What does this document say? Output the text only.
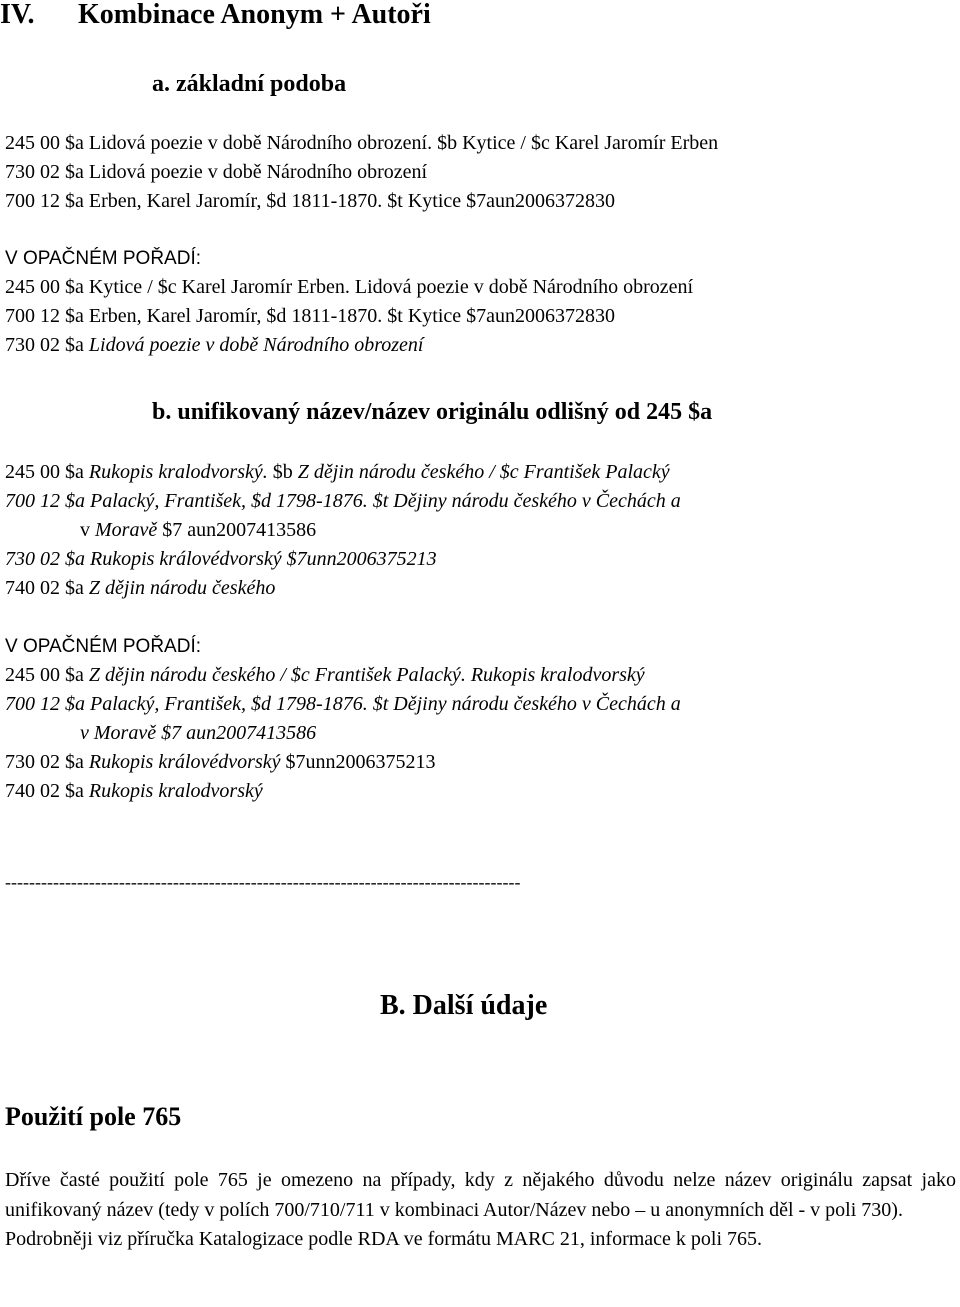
IV. Kombinace Anonym + Autoři
a. základní podoba
245 00 $a Lidová poezie v době Národního obrození. $b Kytice / $c Karel Jaromír Erben
730 02 $a Lidová poezie v době Národního obrození
700 12 $a Erben, Karel Jaromír, $d 1811-1870. $t Kytice $7aun2006372830
V OPAČNÉM POŘADÍ:
245 00 $a Kytice / $c Karel Jaromír Erben. Lidová poezie v době Národního obrození
700 12 $a Erben, Karel Jaromír, $d 1811-1870. $t Kytice $7aun2006372830
730 02 $a Lidová poezie v době Národního obrození
b. unifikovaný název/název originálu odlišný od 245 $a
245 00 $a Rukopis kralodvorský. $b Z dějin národu českého / $c František Palacký
700 12 $a Palacký, František, $d 1798-1876. $t Dějiny národu českého v Čechách a
v Moravě $7 aun2007413586
730 02 $a Rukopis královédvorský $7unn2006375213
740 02 $a Z dějin národu českého
V OPAČNÉM POŘADÍ:
245 00 $a Z dějin národu českého / $c František Palacký. Rukopis kralodvorský
700 12 $a Palacký, František, $d 1798-1876. $t Dějiny národu českého v Čechách a
v Moravě $7 aun2007413586
730 02 $a Rukopis královédvorský $7unn2006375213
740 02 $a Rukopis kralodvorský
--------------------------------------------------------------------------------------
B. Další údaje
Použití pole 765

Dříve časté použití pole 765 je omezeno na případy, kdy z nějakého důvodu nelze název originálu zapsat jako unifikovaný název (tedy v polích 700/710/711 v kombinaci Autor/Název nebo – u anonymních děl - v poli 730).

Podrobněji viz příručka Katalogizace podle RDA ve formátu MARC 21, informace k poli 765.
